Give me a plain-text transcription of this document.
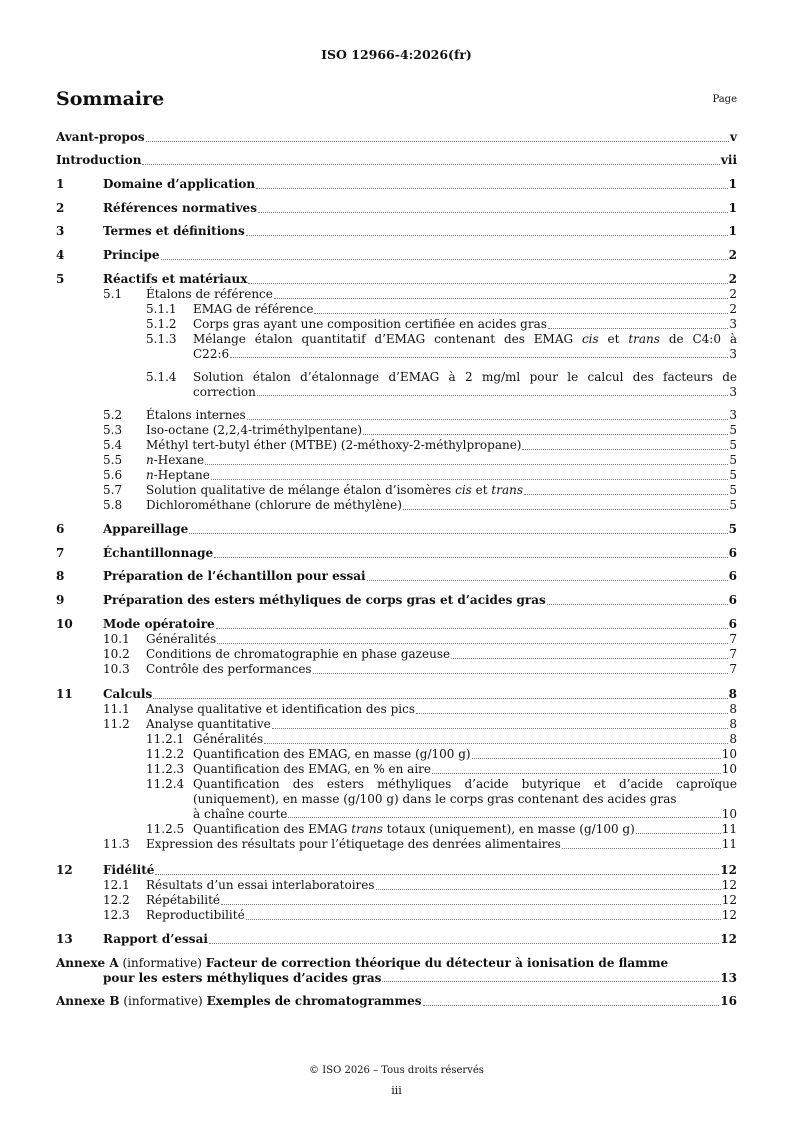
ISO 12966-4:2026(fr)
Sommaire	Page
Avant-propos	v
Introduction	vii
1	Domaine d’application	1
2	Références normatives	1
3	Termes et définitions	1
4	Principe	2
5	Réactifs et matériaux	2
5.1 Étalons de référence	2
5.1.1 EMAG de référence	2
5.1.2 Corps gras ayant une composition certifiée en acides gras	3
5.1.3 Mélange étalon quantitatif d’EMAG contenant des EMAG cis et trans de C4:0 à
C22:6	3
5.1.4 Solution étalon d’étalonnage d’EMAG à 2 mg/ml pour le calcul des facteurs de
correction	3
5.2 Étalons internes	3
5.3 Iso-octane (2,2,4-triméthylpentane)	5
5.4 Méthyl tert-butyl éther (MTBE) (2-méthoxy-2-méthylpropane)	5
5.5 n-Hexane	5
5.6 n-Heptane	5
5.7 Solution qualitative de mélange étalon d’isomères cis et trans	5
5.8 Dichlorométhane (chlorure de méthylène)	5
6	Appareillage	5
7	Échantillonnage	6
8	Préparation de l’échantillon pour essai	6
9	Préparation des esters méthyliques de corps gras et d’acides gras	6
10	Mode opératoire	6
10.1 Généralités	7
10.2 Conditions de chromatographie en phase gazeuse	7
10.3 Contrôle des performances	7
11	Calculs	8
11.1 Analyse qualitative et identification des pics	8
11.2 Analyse quantitative	8
11.2.1 Généralités	8
11.2.2 Quantification des EMAG, en masse (g/100 g)	10
11.2.3 Quantification des EMAG, en % en aire	10
11.2.4 Quantification des esters méthyliques d’acide butyrique et d’acide caproïque
(uniquement), en masse (g/100 g) dans le corps gras contenant des acides gras
à chaîne courte	10
11.2.5 Quantification des EMAG trans totaux (uniquement), en masse (g/100 g)	11
11.3 Expression des résultats pour l’étiquetage des denrées alimentaires	11
12	Fidélité	12
12.1 Résultats d’un essai interlaboratoires	12
12.2 Répétabilité	12
12.3 Reproductibilité	12
13	Rapport d’essai	12
Annexe A (informative) Facteur de correction théorique du détecteur à ionisation de flamme
pour les esters méthyliques d’acides gras	13
Annexe B (informative) Exemples de chromatogrammes	16
© ISO 2026 – Tous droits réservés
iii
